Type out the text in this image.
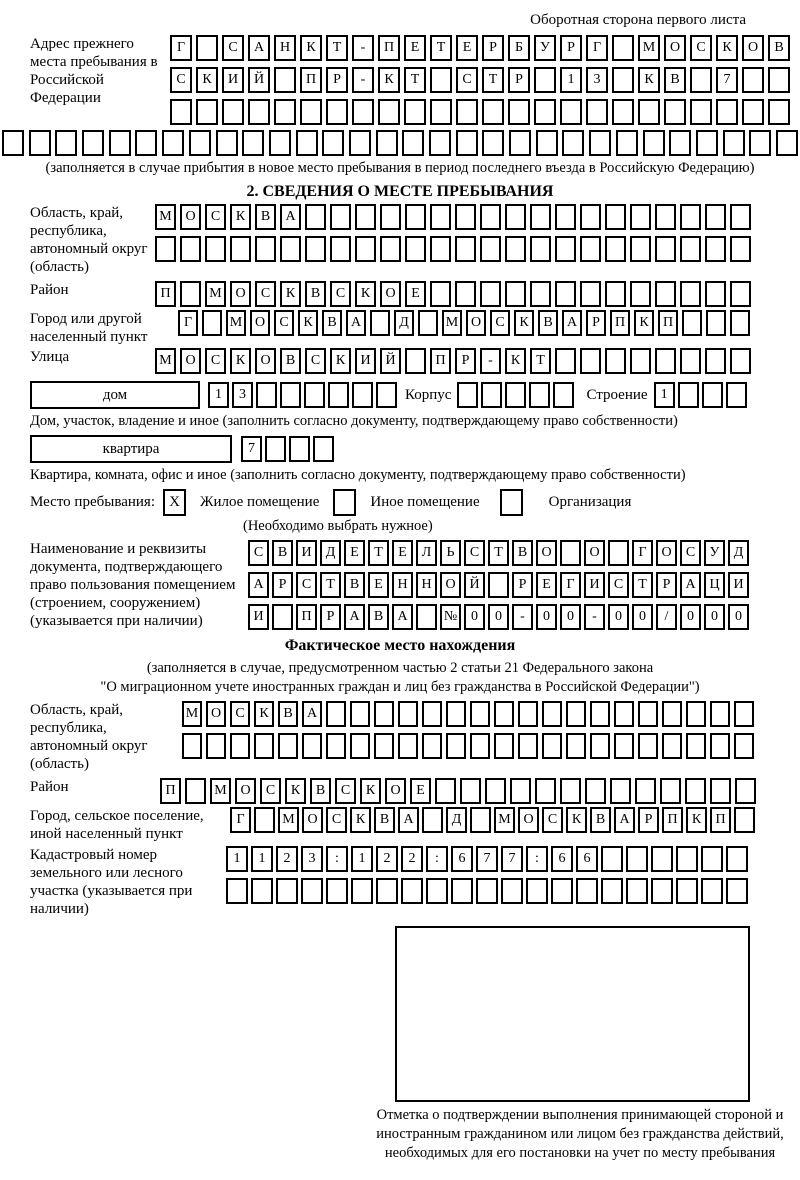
Оборотная сторона первого листа
Адрес прежнего места пребывания в Российской Федерации
Г	С	А	Н	К	Т	-	П	Е	Т	Е	Р	Б	У	Р	Г	М	О	С	К	О	В
С	К	И	Й	П	Р	-	К	Т	С	Т	Р	1	3	К	В	7
(заполняется в случае прибытия в новое место пребывания в период последнего въезда в Российскую Федерацию)
2. СВЕДЕНИЯ О МЕСТЕ ПРЕБЫВАНИЯ
Область, край, республика, автономный округ (область)
М О	С	К	В	А
Район	П	М О	С	К	В	С	К	О	Е
Город или другой населенный пункт
Г	М О	С	К	В	А	Д	М О	С	К	В	А	Р	П	К	П
Улица	М О	С	К	О	В	С	К	И	Й	П	Р	-	К	Т
дом	1	3	Корпус	Строение 1
Дом, участок, владение и иное (заполнить согласно документу, подтверждающему право собственности)
квартира	7
Квартира, комната, офис и иное (заполнить согласно документу, подтверждающему право собственности)
Место пребывания: X	Жилое помещение	Иное помещение	Организация
(Необходимо выбрать нужное)
Наименование и реквизиты документа, подтверждающего право пользования помещением (строением, сооружением) (указывается при наличии)
С	В	И	Д	Е	Т	Е	Л	Ь	С	Т	В	О	О	Г	О	С	У	Д
А	Р	С	Т	В	Е	Н Н О Й	Р	Е	Г	И	С	Т	Р	А Ц И
И	П	Р	А	В	А	№ 0	0	-	0	0	-	0	0	/	0	0	0
Фактическое место нахождения
(заполняется в случае, предусмотренном частью 2 статьи 21 Федерального закона
"О миграционном учете иностранных граждан и лиц без гражданства в Российской Федерации")
Область, край, республика, автономный округ (область)
М О	С	К	В	А
Район	П	М О	С	К	В	С	К	О	Е
Город, сельское поселение, иной населенный пункт
Г	М О	С	К	В	А	Д	М О	С	К	В	А	Р	П	К	П
Кадастровый номер земельного или лесного участка (указывается при наличии)
1	1	2	3	:	1	2	2	:	6	7	7	:	6	6
Отметка о подтверждении выполнения принимающей стороной и иностранным гражданином или лицом без гражданства действий, необходимых для его постановки на учет по месту пребывания
